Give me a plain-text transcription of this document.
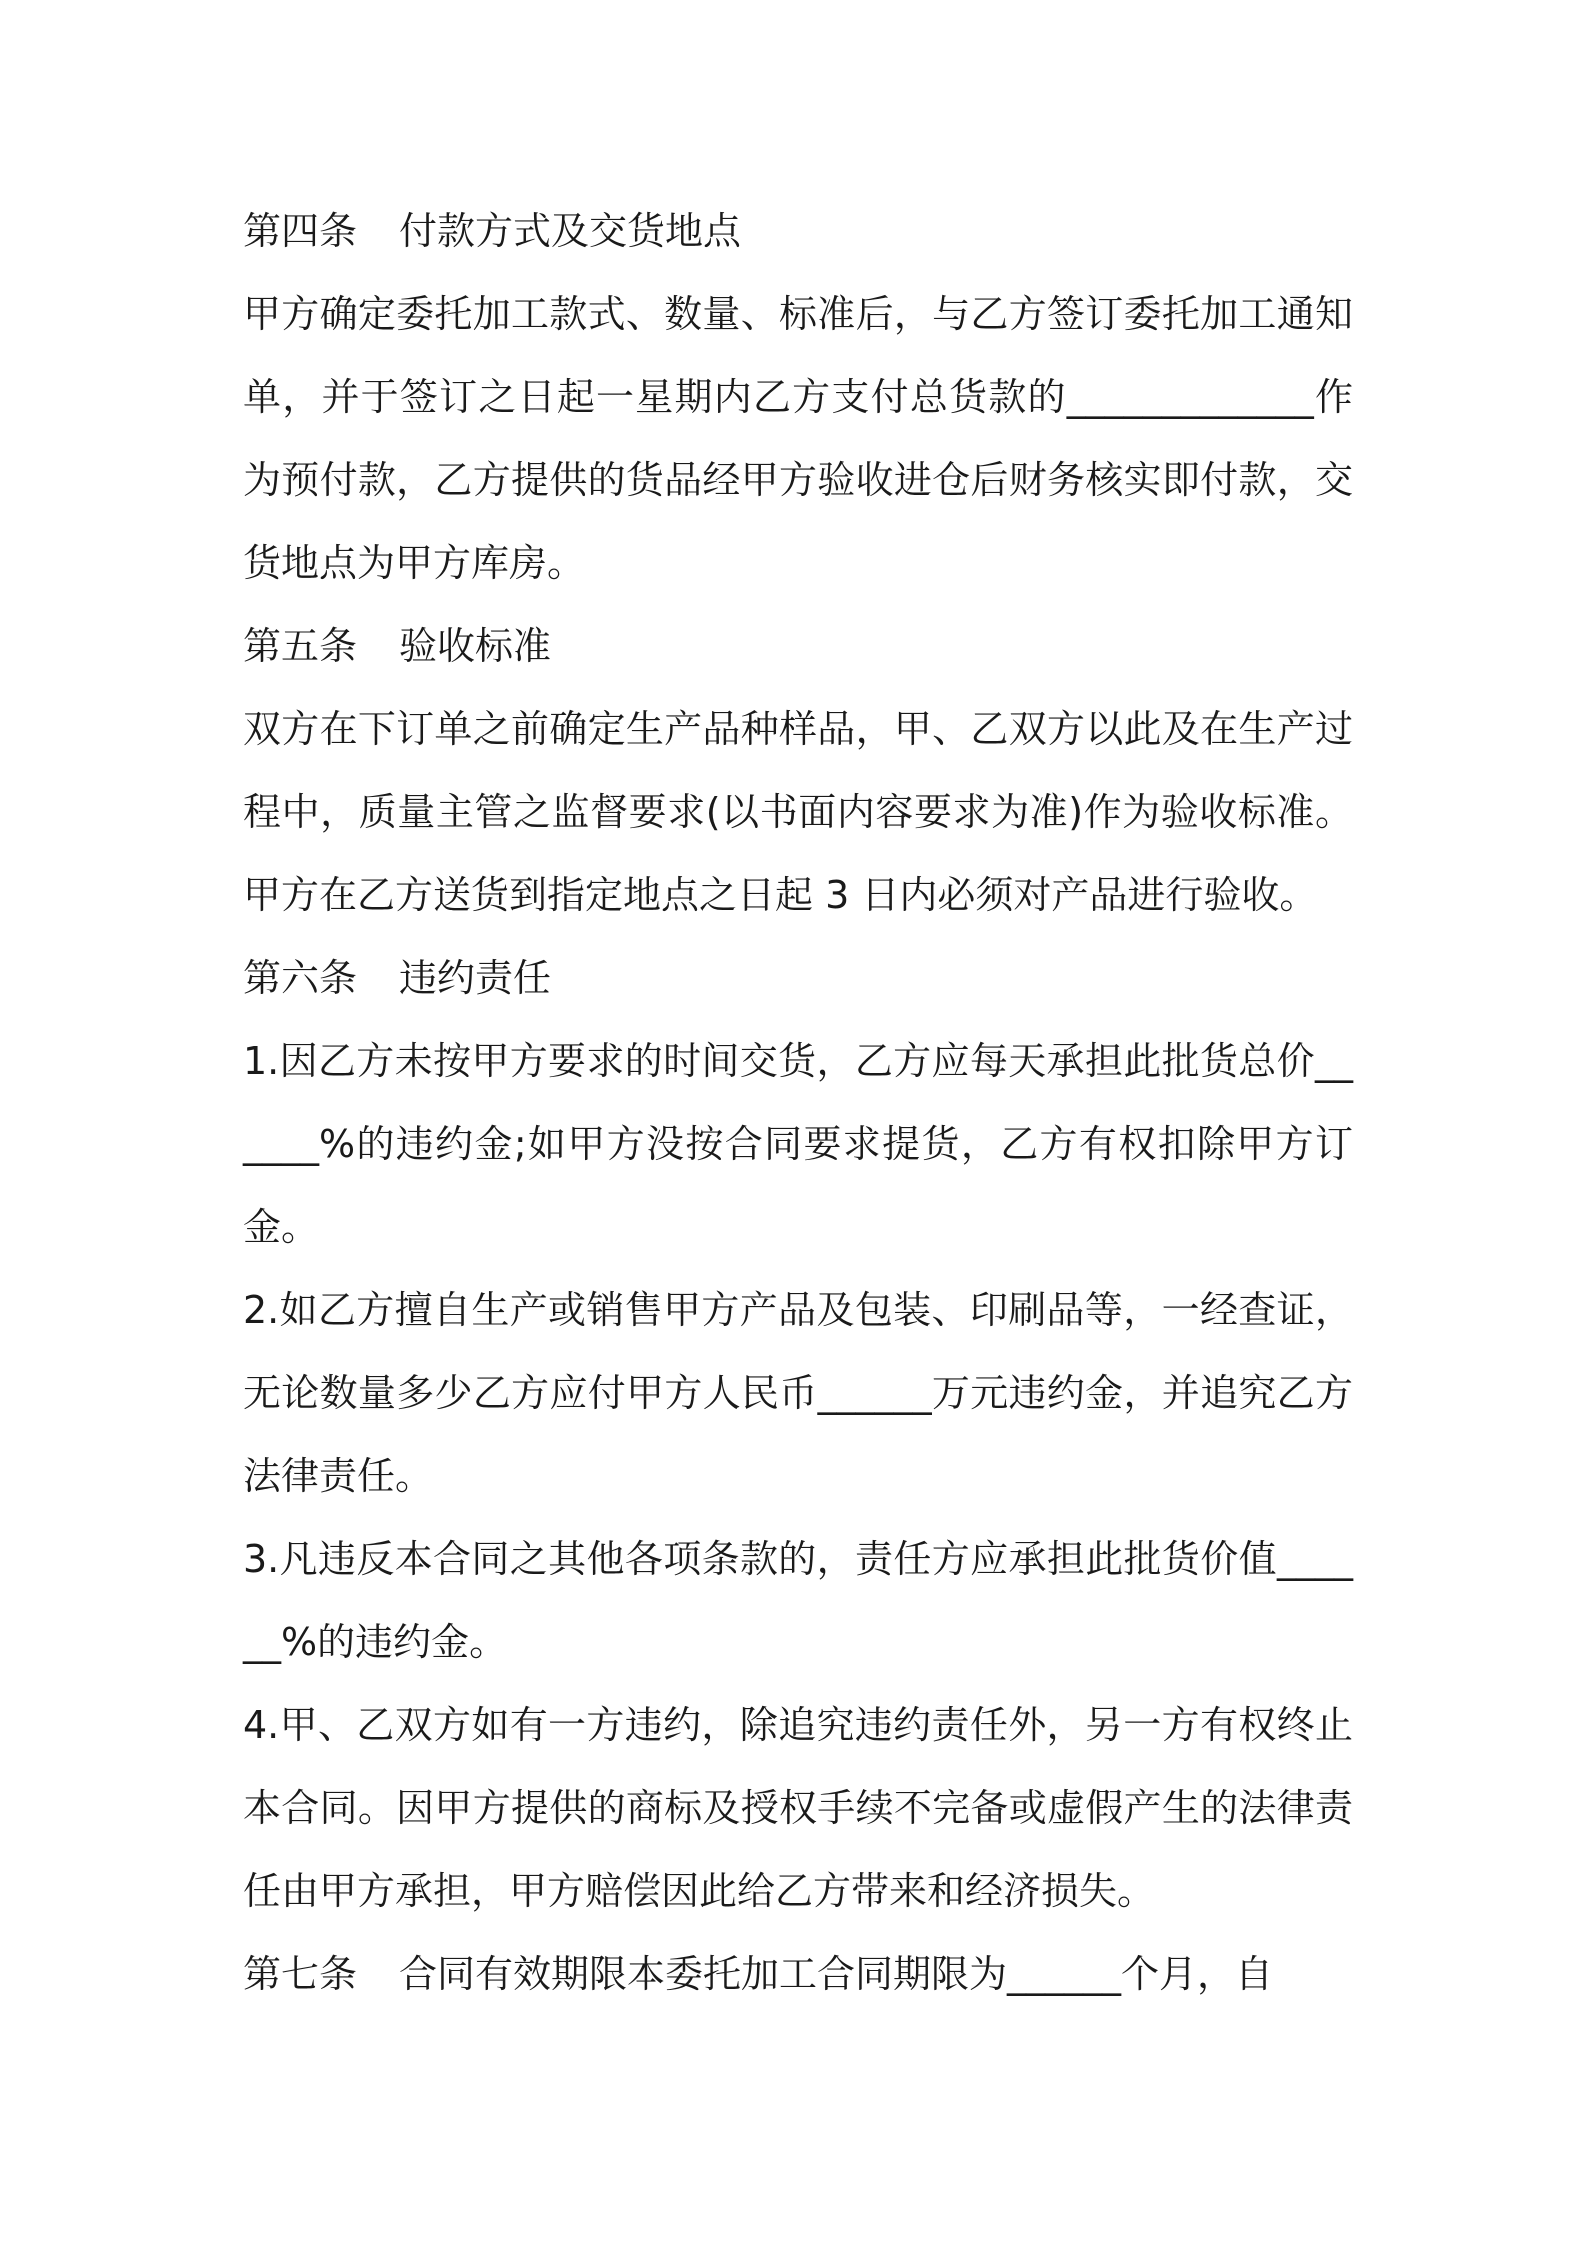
第四条 付款方式及交货地点

甲方确定委托加工款式、数量、标准后，与乙方签订委托加工通知单，并于签订之日起一星期内乙方支付总货款的_____________作为预付款，乙方提供的货品经甲方验收进仓后财务核实即付款，交货地点为甲方库房。

第五条 验收标准

双方在下订单之前确定生产品种样品，甲、乙双方以此及在生产过程中，质量主管之监督要求(以书面内容要求为准)作为验收标准。甲方在乙方送货到指定地点之日起 3 日内必须对产品进行验收。

第六条 违约责任

1.因乙方未按甲方要求的时间交货，乙方应每天承担此批货总价______%的违约金;如甲方没按合同要求提货，乙方有权扣除甲方订金。

2.如乙方擅自生产或销售甲方产品及包装、印刷品等，一经查证，无论数量多少乙方应付甲方人民币______万元违约金，并追究乙方法律责任。

3.凡违反本合同之其他各项条款的，责任方应承担此批货价值______%的违约金。

4.甲、乙双方如有一方违约，除追究违约责任外，另一方有权终止本合同。因甲方提供的商标及授权手续不完备或虚假产生的法律责任由甲方承担，甲方赔偿因此给乙方带来和经济损失。

第七条 合同有效期限本委托加工合同期限为______个月，自
